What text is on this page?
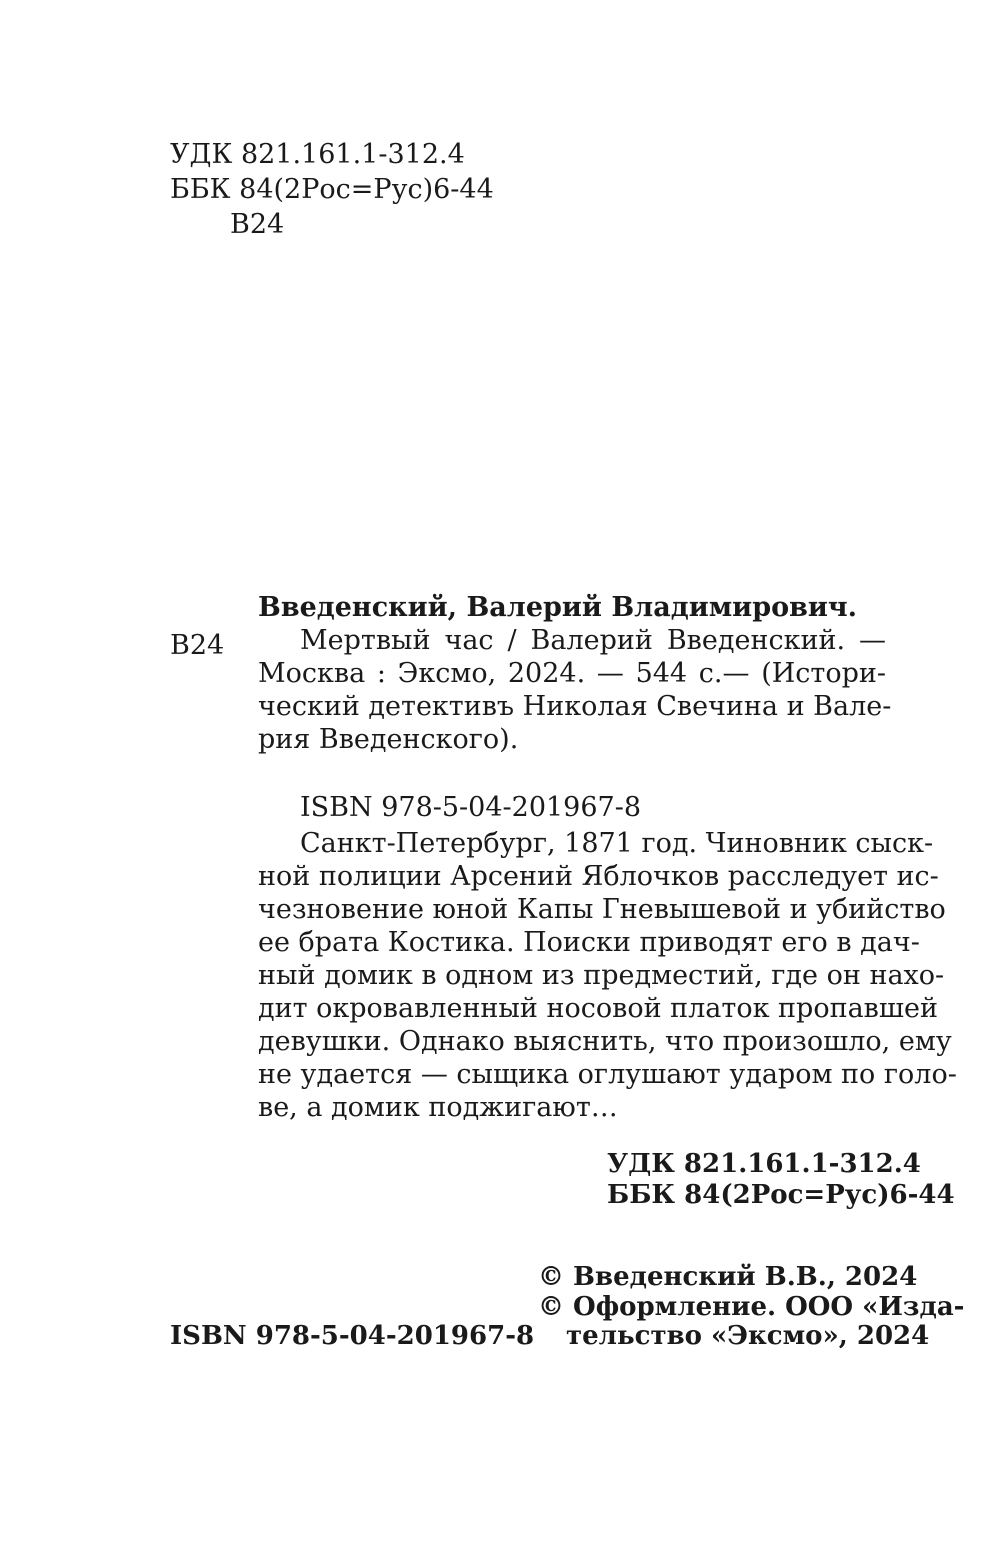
УДК 821.161.1-312.4
ББК 84(2Рос=Рус)6-44
В24
Введенский, Валерий Владимирович.
В24	Мертвый час / Валерий Введенский. —
Москва : Эксмо, 2024. — 544 с.— (Истори-
ческий детективъ Николая Свечина и Вале-
рия Введенского).
ISBN 978-5-04-201967-8
Санкт-Петербург, 1871 год. Чиновник сыск-
ной полиции Арсений Яблочков расследует ис-
чезновение юной Капы Гневышевой и убийство
ее брата Костика. Поиски приводят его в дач-
ный домик в одном из предместий, где он нахо-
дит окровавленный носовой платок пропавшей
девушки. Однако выяснить, что произошло, ему
не удается — сыщика оглушают ударом по голо-
ве, а домик поджигают…
УДК 821.161.1-312.4
ББК 84(2Рос=Рус)6-44
© Введенский В.В., 2024
© Оформление. ООО «Изда-
тельство «Эксмо», 2024
ISBN 978-5-04-201967-8
